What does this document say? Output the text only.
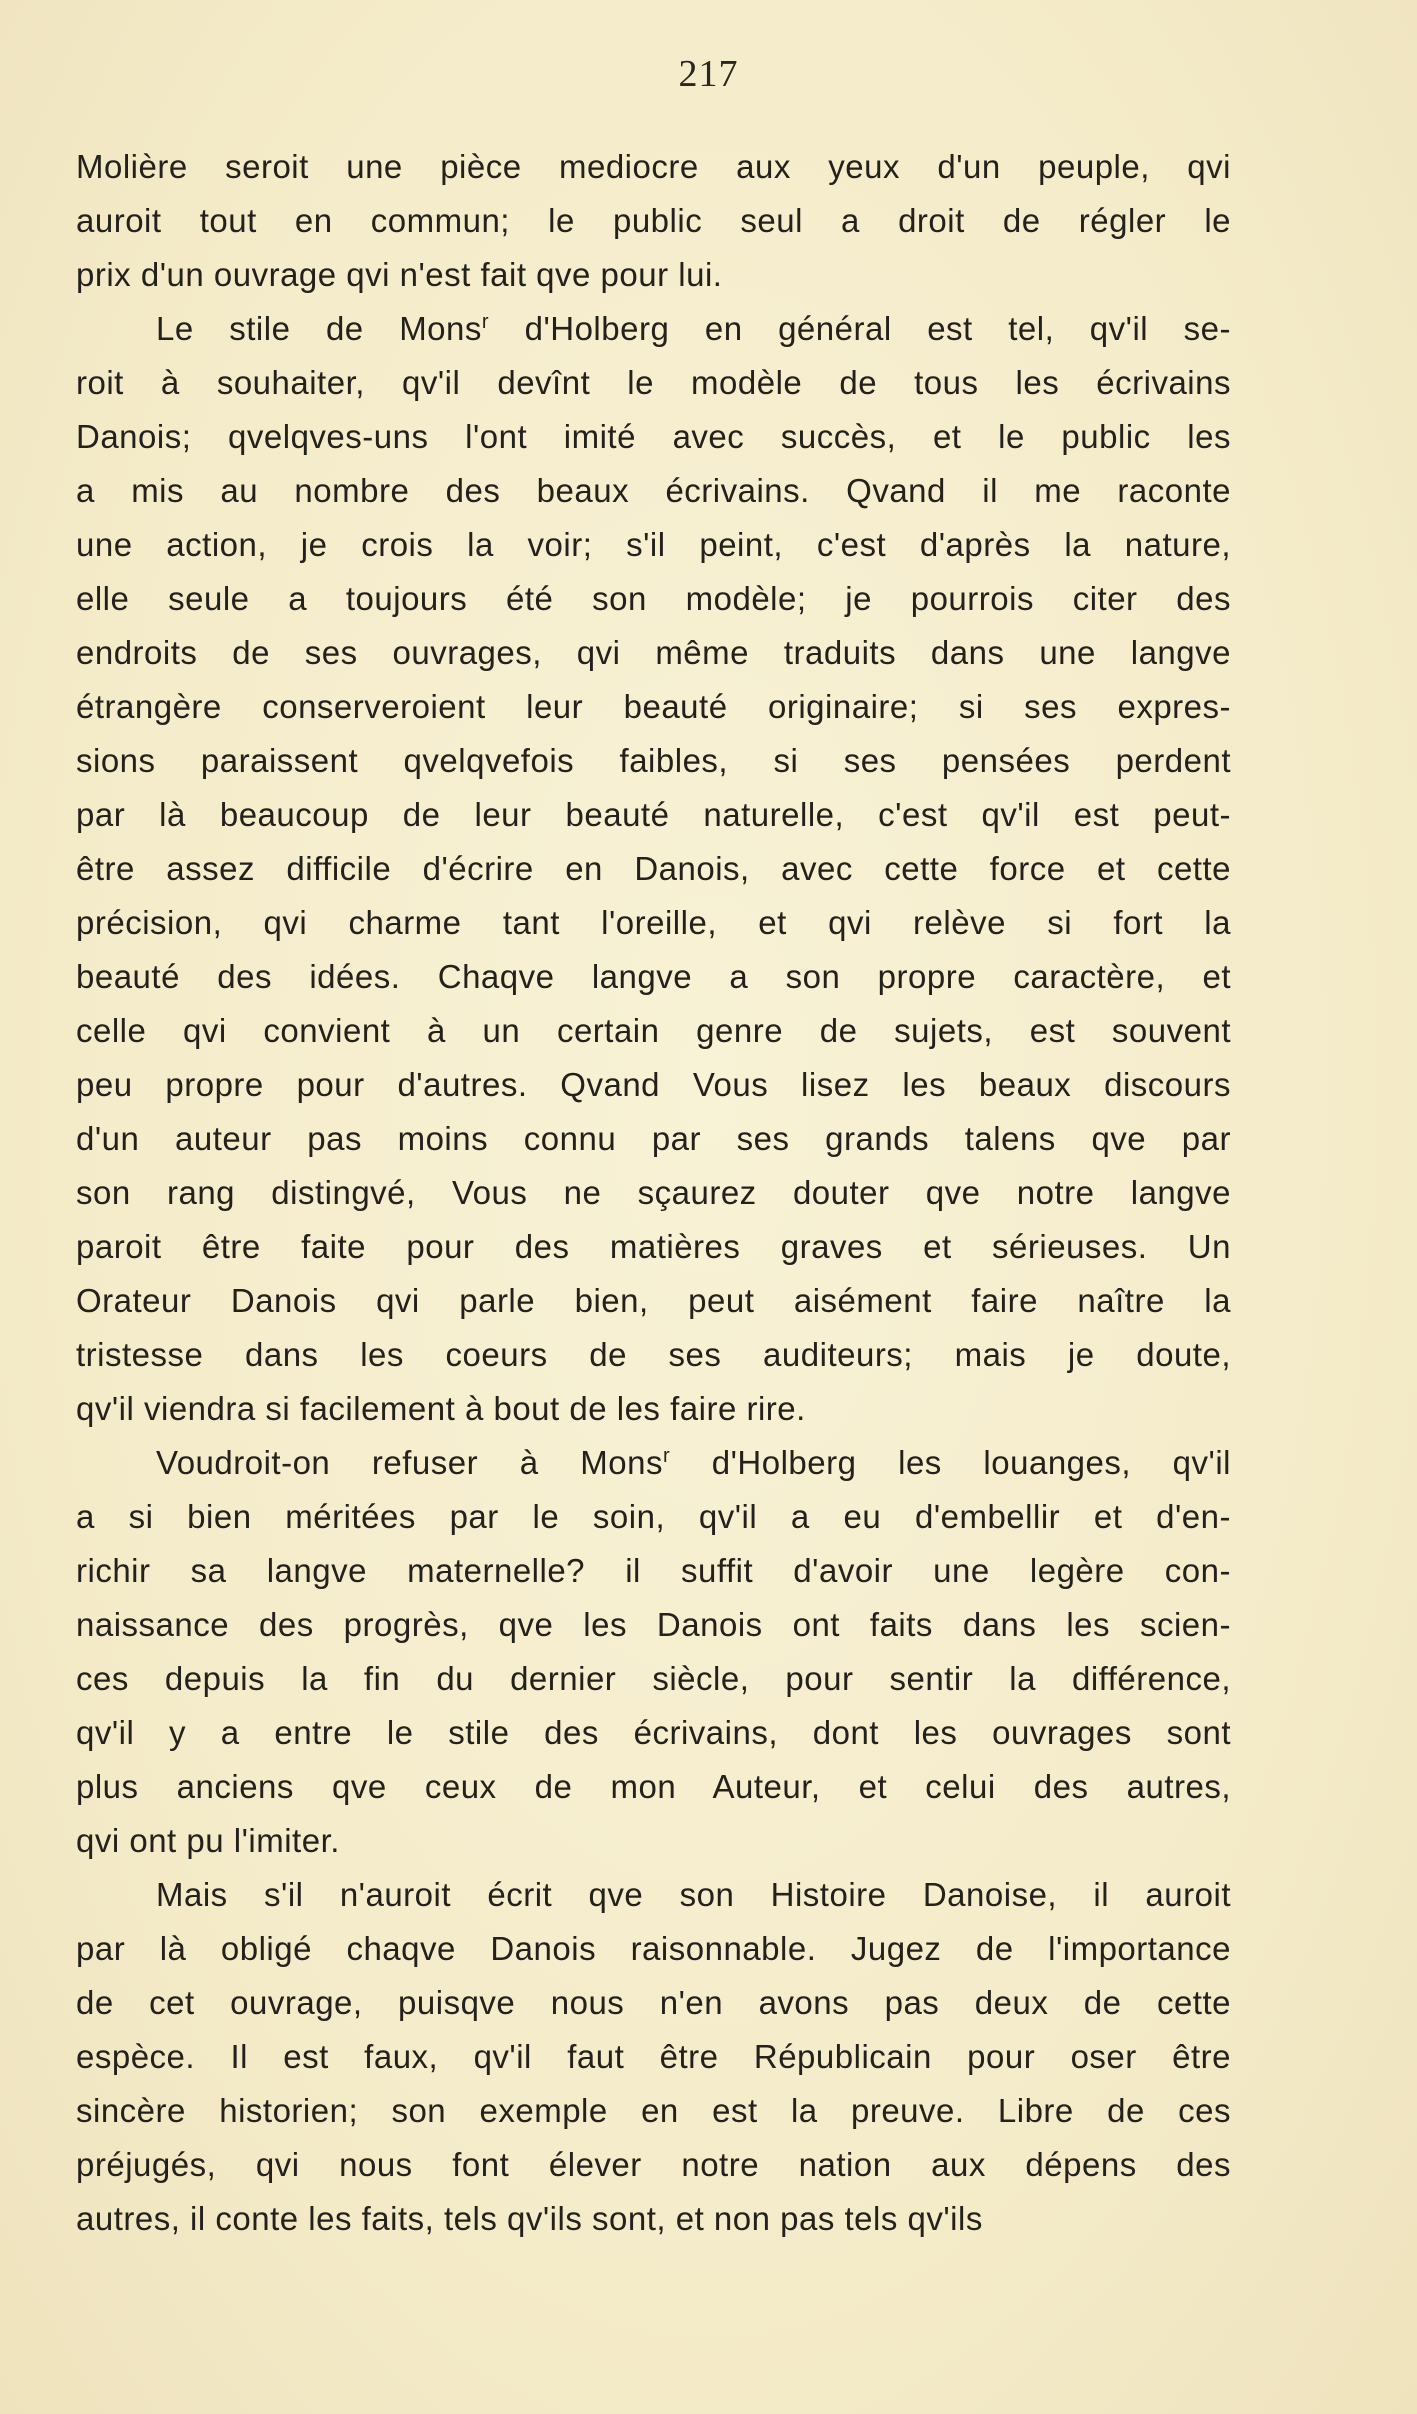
217
Molière seroit une pièce mediocre aux yeux d'un peuple, qvi
auroit tout en commun; le public seul a droit de régler le
prix d'un ouvrage qvi n'est fait qve pour lui.
Le stile de Mons$^r$ d'Holberg en général est tel, qv'il se-
roit à souhaiter, qv'il devînt le modèle de tous les écrivains
Danois; qvelqves-uns l'ont imité avec succès, et le public les
a mis au nombre des beaux écrivains. Qvand il me raconte
une action, je crois la voir; s'il peint, c'est d'après la nature,
elle seule a toujours été son modèle; je pourrois citer des
endroits de ses ouvrages, qvi même traduits dans une langve
étrangère conserveroient leur beauté originaire; si ses expres-
sions paraissent qvelqvefois faibles, si ses pensées perdent
par là beaucoup de leur beauté naturelle, c'est qv'il est peut-
être assez difficile d'écrire en Danois, avec cette force et cette
précision, qvi charme tant l'oreille, et qvi relève si fort la
beauté des idées. Chaqve langve a son propre caractère, et
celle qvi convient à un certain genre de sujets, est souvent
peu propre pour d'autres. Qvand Vous lisez les beaux discours
d'un auteur pas moins connu par ses grands talens qve par
son rang distingvé, Vous ne sçaurez douter qve notre langve
paroit être faite pour des matières graves et sérieuses. Un
Orateur Danois qvi parle bien, peut aisément faire naître la
tristesse dans les coeurs de ses auditeurs; mais je doute,
qv'il viendra si facilement à bout de les faire rire.
Voudroit-on refuser à Mons$^r$ d'Holberg les louanges, qv'il
a si bien méritées par le soin, qv'il a eu d'embellir et d'en-
richir sa langve maternelle? il suffit d'avoir une legère con-
naissance des progrès, qve les Danois ont faits dans les scien-
ces depuis la fin du dernier siècle, pour sentir la différence,
qv'il y a entre le stile des écrivains, dont les ouvrages sont
plus anciens qve ceux de mon Auteur, et celui des autres,
qvi ont pu l'imiter.
Mais s'il n'auroit écrit qve son Histoire Danoise, il auroit
par là obligé chaqve Danois raisonnable. Jugez de l'importance
de cet ouvrage, puisqve nous n'en avons pas deux de cette
espèce. Il est faux, qv'il faut être Républicain pour oser être
sincère historien; son exemple en est la preuve. Libre de ces
préjugés, qvi nous font élever notre nation aux dépens des
autres, il conte les faits, tels qv'ils sont, et non pas tels qv'ils
